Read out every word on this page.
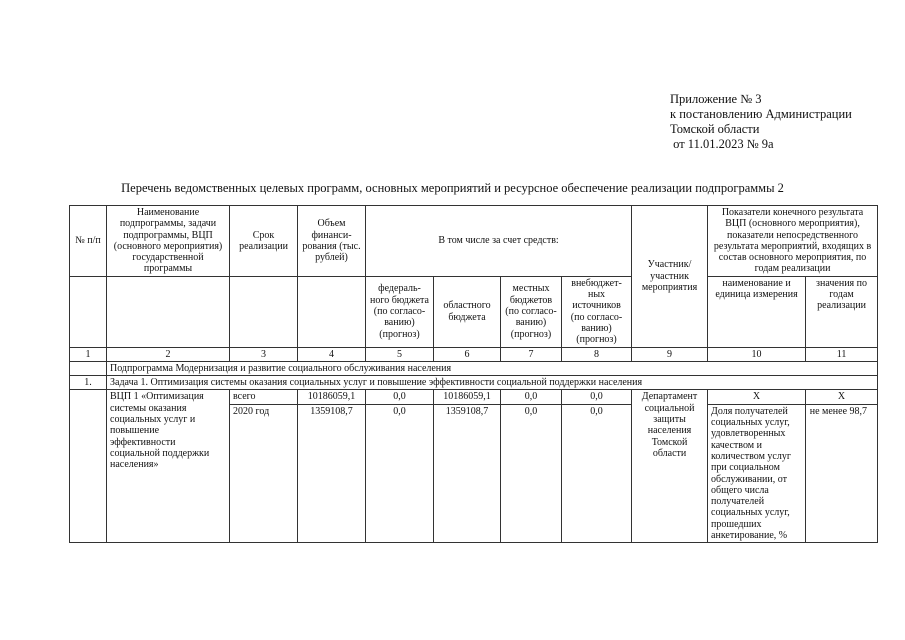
Приложение № 3
к постановлению Администрации
Томской области
от 11.01.2023 № 9а
Перечень ведомственных целевых программ, основных мероприятий и ресурсное обеспечение реализации подпрограммы 2
№ п/п	Наименование подпрограммы, задачи подпрограммы, ВЦП (основного мероприятия) государственной программы	Срок реализации	Объем финанси-рования (тыс. рублей)	В том числе за счет средств:				Участник/ участник мероприятия	Показатели конечного результата ВЦП (основного мероприятия), показатели непосредственного результата мероприятий, входящих в состав основного мероприятия, по годам реализации	
				федераль-ного бюджета (по согласо-ванию) (прогноз)	областного бюджета	местных бюджетов (по согласо-ванию) (прогноз)	внебюджет-ных источников (по согласо-ванию) (прогноз)		наименование и единица измерения	значения по годам реализации

1	2	3	4	5	6	7	8	9	10	11
	Подпрограмма Модернизация и развитие социального обслуживания населения									
1.	Задача 1. Оптимизация системы оказания социальных услуг и повышение эффективности социальной поддержки населения									
	ВЦП 1 «Оптимизация системы оказания социальных услуг и повышение эффективности социальной поддержки населения»	всего	10186059,1	0,0	10186059,1	0,0	0,0	Департамент социальной защиты населения Томской области	Х	Х
		2020 год	1359108,7	0,0	1359108,7	0,0	0,0		Доля получателей социальных услуг, удовлетворенных качеством и количеством услуг при социальном обслуживании, от общего числа получателей социальных услуг, прошедших анкетирование, %	не менее 98,7
